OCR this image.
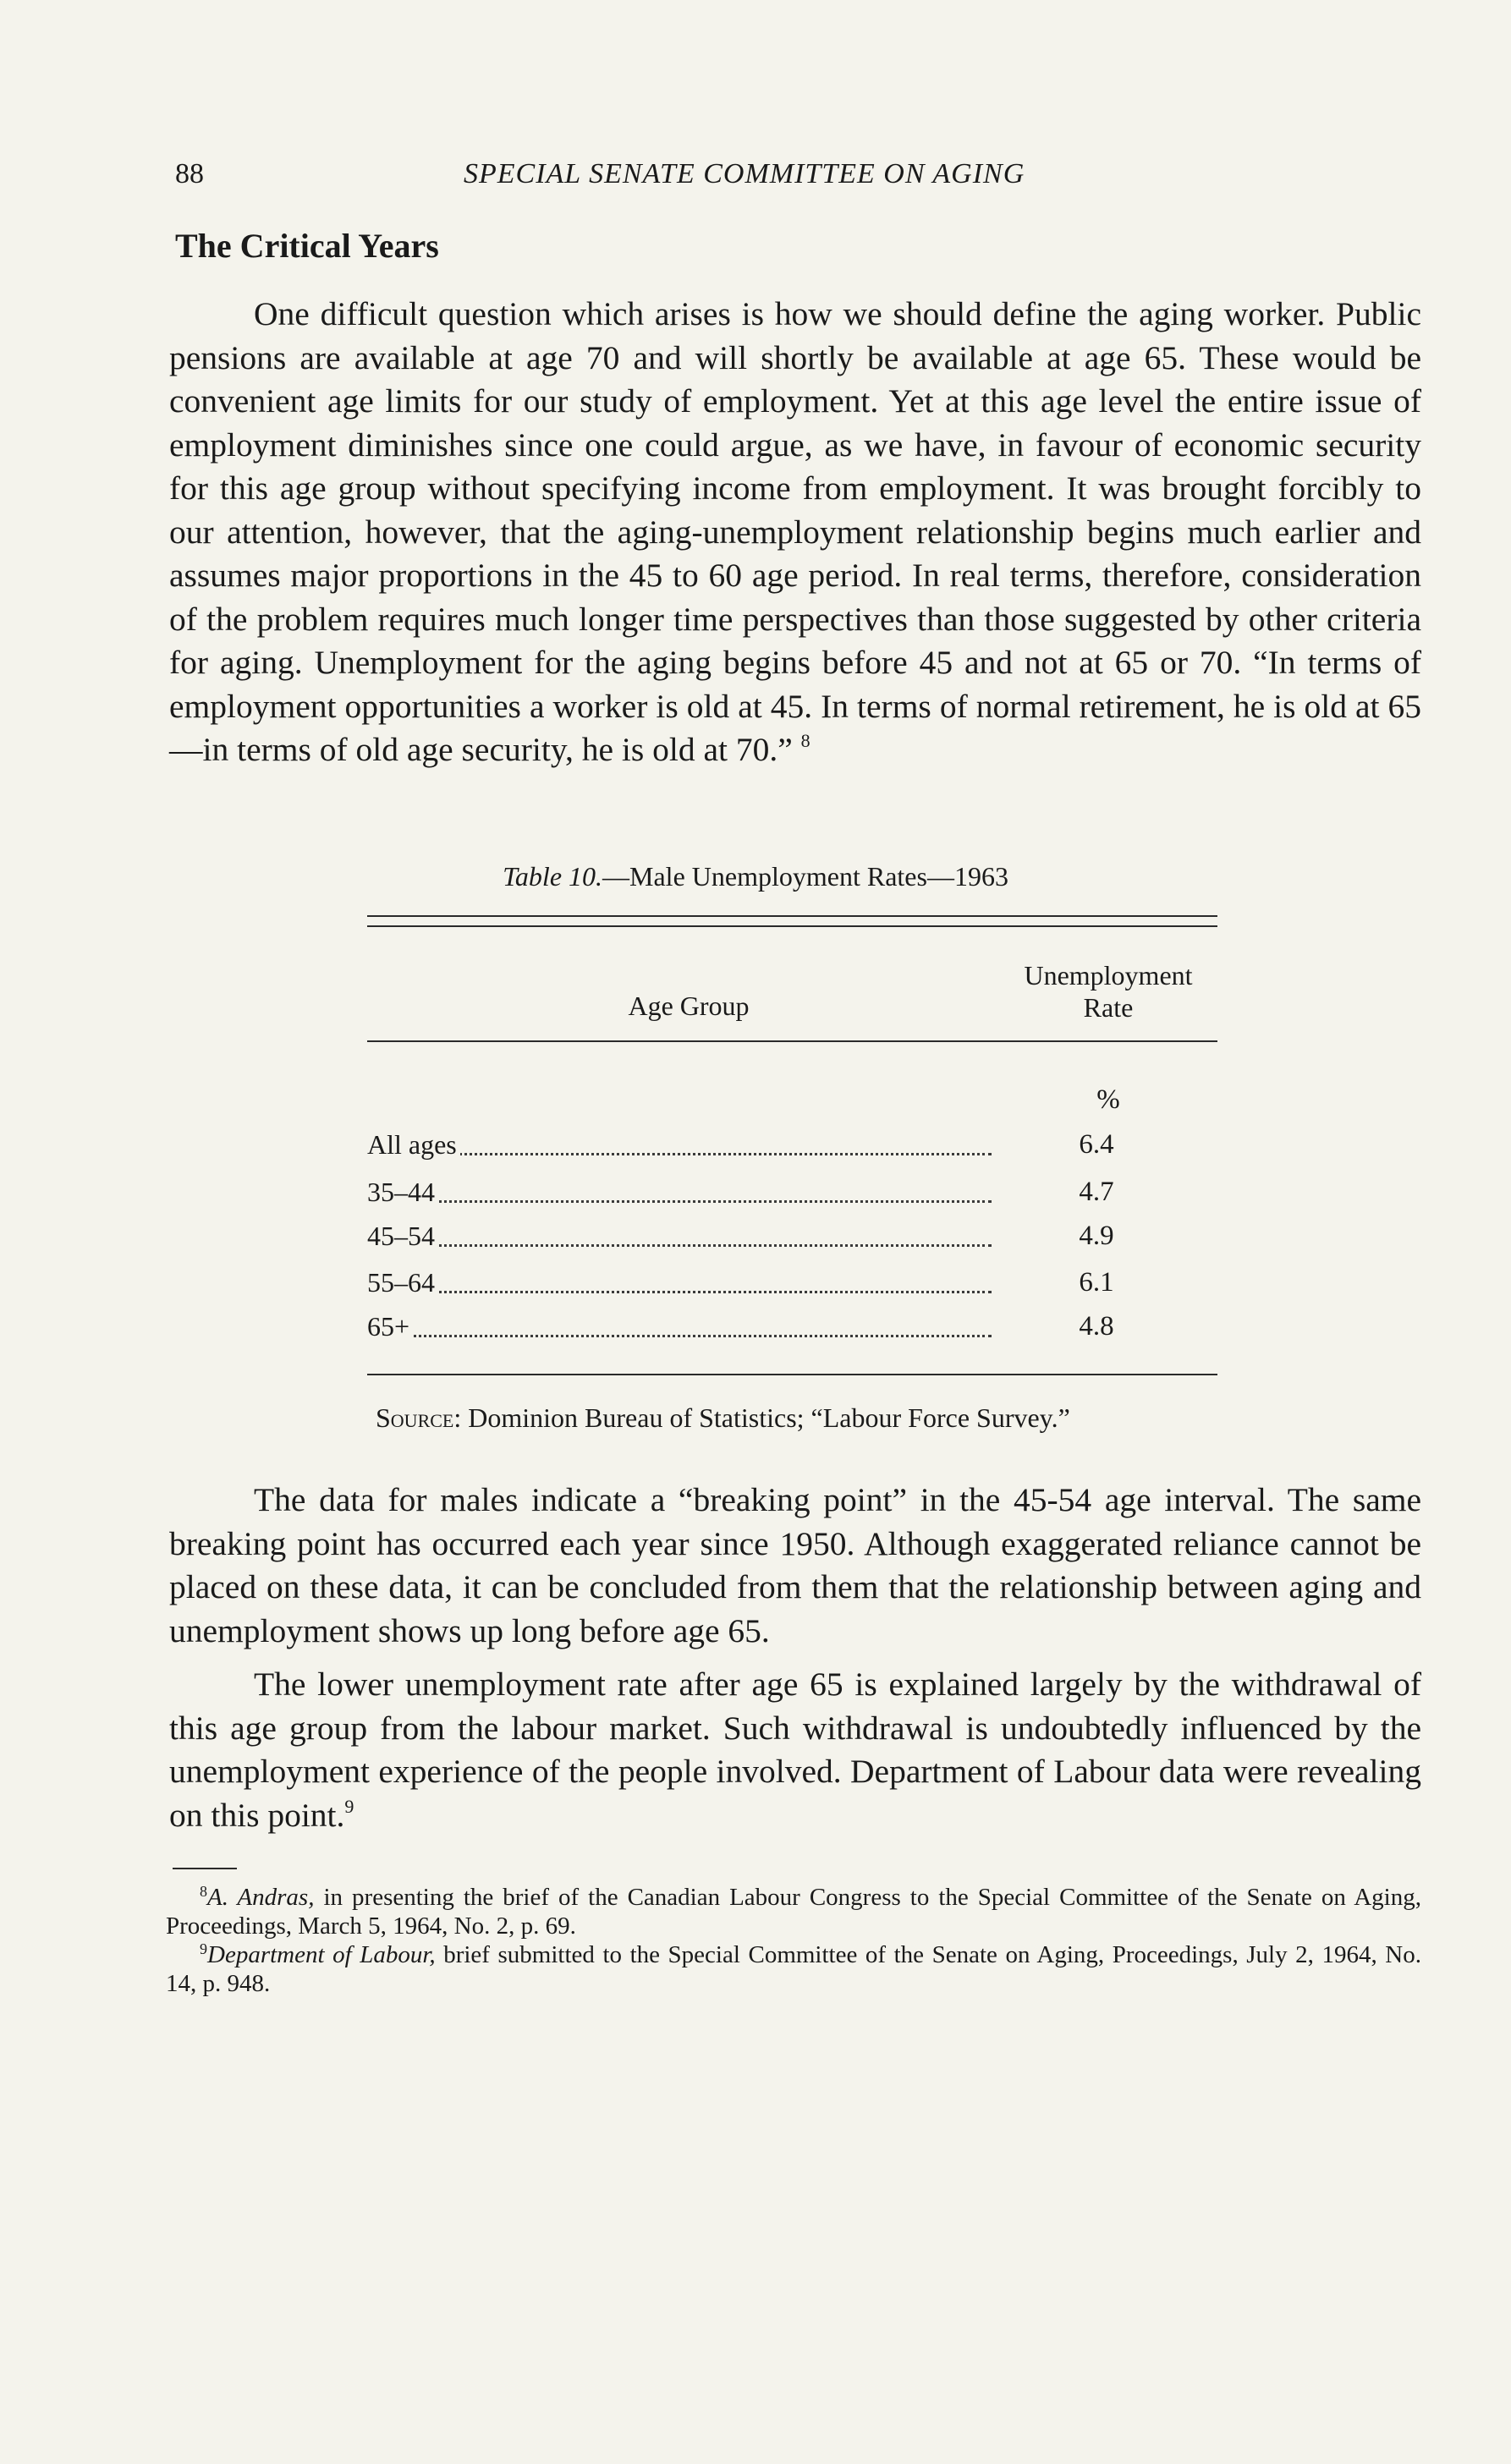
88	SPECIAL SENATE COMMITTEE ON AGING
The Critical Years

One difficult question which arises is how we should define the aging worker. Public pensions are available at age 70 and will shortly be available at age 65. These would be convenient age limits for our study of employment. Yet at this age level the entire issue of employment diminishes since one could argue, as we have, in favour of economic security for this age group without specifying income from employment. It was brought forcibly to our attention, however, that the aging-unemployment relationship begins much earlier and assumes major proportions in the 45 to 60 age period. In real terms, therefore, consideration of the problem requires much longer time perspectives than those suggested by other criteria for aging. Unemployment for the aging begins before 45 and not at 65 or 70. “In terms of employment opportunities a worker is old at 45. In terms of normal retirement, he is old at 65—in terms of old age security, he is old at 70.” $^8$

Table 10.—Male Unemployment Rates—1963

Age Group
Unemployment
Rate
%
All ages	6.4
35–44	4.7
45–54	4.9
55–64	6.1
65+	4.8

Source: Dominion Bureau of Statistics; “Labour Force Survey.”

The data for males indicate a “breaking point” in the 45-54 age interval. The same breaking point has occurred each year since 1950. Although exaggerated reliance cannot be placed on these data, it can be concluded from them that the relationship between aging and unemployment shows up long before age 65.

The lower unemployment rate after age 65 is explained largely by the withdrawal of this age group from the labour market. Such withdrawal is undoubtedly influenced by the unemployment experience of the people involved. Department of Labour data were revealing on this point.$^9$

$^8$A. Andras, in presenting the brief of the Canadian Labour Congress to the Special Committee of the Senate on Aging, Proceedings, March 5, 1964, No. 2, p. 69.

$^9$Department of Labour, brief submitted to the Special Committee of the Senate on Aging, Proceedings, July 2, 1964, No. 14, p. 948.
